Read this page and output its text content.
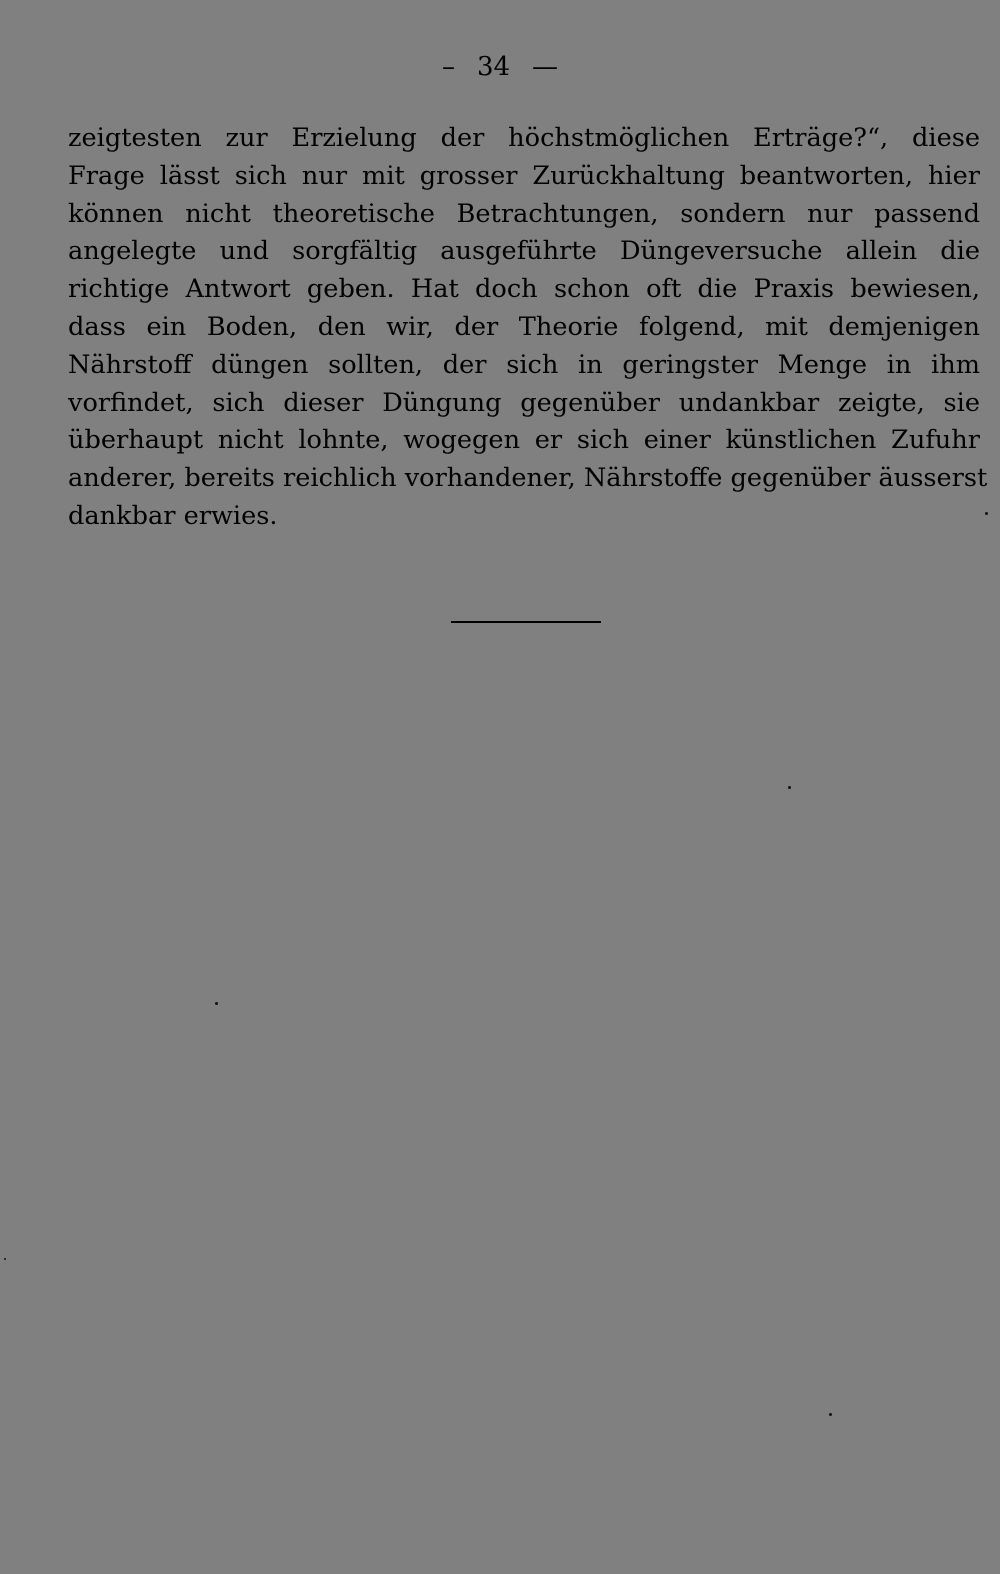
– 34 —
zeigtesten zur Erzielung der höchstmöglichen Erträge?“, diese
Frage lässt sich nur mit grosser Zurückhaltung beantworten, hier
können nicht theoretische Betrachtungen, sondern nur passend
angelegte und sorgfältig ausgeführte Düngeversuche allein die
richtige Antwort geben. Hat doch schon oft die Praxis bewiesen,
dass ein Boden, den wir, der Theorie folgend, mit demjenigen
Nährstoff düngen sollten, der sich in geringster Menge in ihm
vorfindet, sich dieser Düngung gegenüber undankbar zeigte, sie
überhaupt nicht lohnte, wogegen er sich einer künstlichen Zufuhr
anderer, bereits reichlich vorhandener, Nährstoffe gegenüber äusserst
dankbar erwies.
